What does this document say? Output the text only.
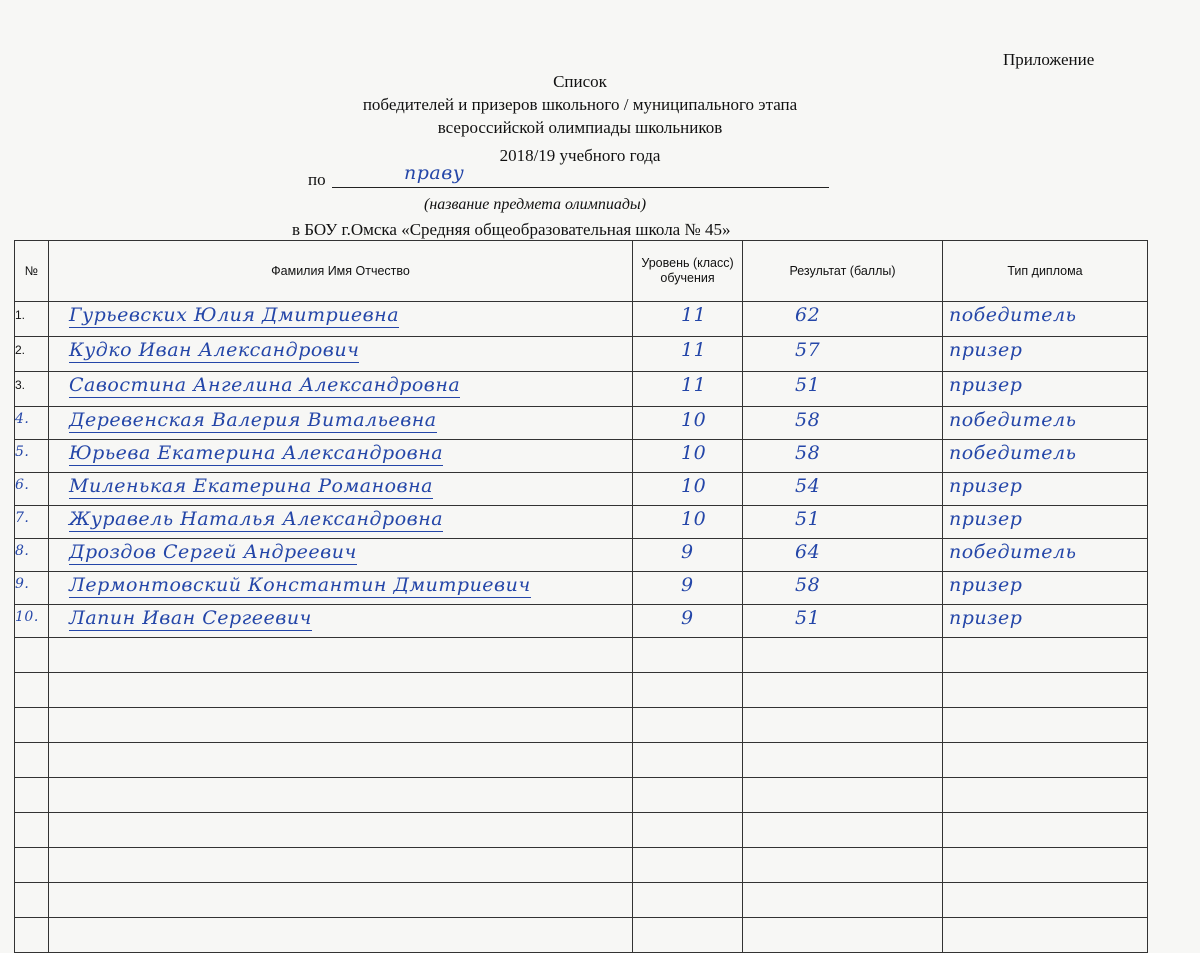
Приложение
Список
победителей и призеров школьного / муниципального этапа
всероссийской олимпиады школьников
2018/19 учебного года
по	праву
(название предмета олимпиады)
в БОУ г.Омска «Средняя общеобразовательная школа № 45»
№	Фамилия Имя Отчество	Уровень (класс) обучения	Результат (баллы)	Тип диплома
1.	Гурьевских Юлия Дмитриевна	11	62	победитель

2.	Кудко Иван Александрович	11	57	призер

3.	Савостина Ангелина Александровна	11	51	призер

4.	Деревенская Валерия Витальевна	10	58	победитель

5.	Юрьева Екатерина Александровна	10	58	победитель

6.	Миленькая Екатерина Романовна	10	54	призер

7.	Журавель Наталья Александровна	10	51	призер

8.	Дроздов Сергей Андреевич	9	64	победитель

9.	Лермонтовский Константин Дмитриевич	9	58	призер

10.	Лапин Иван Сергеевич	9	51	призер
